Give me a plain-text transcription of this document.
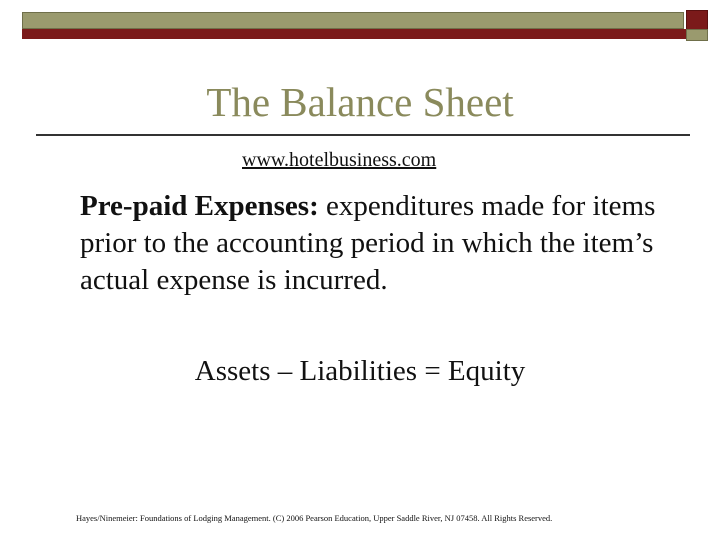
The Balance Sheet
www.hotelbusiness.com
Pre-paid Expenses: expenditures made for items prior to the accounting period in which the item’s actual expense is incurred.
Assets – Liabilities = Equity
Hayes/Ninemeier: Foundations of Lodging Management. (C) 2006 Pearson Education, Upper Saddle River, NJ 07458. All Rights Reserved.
